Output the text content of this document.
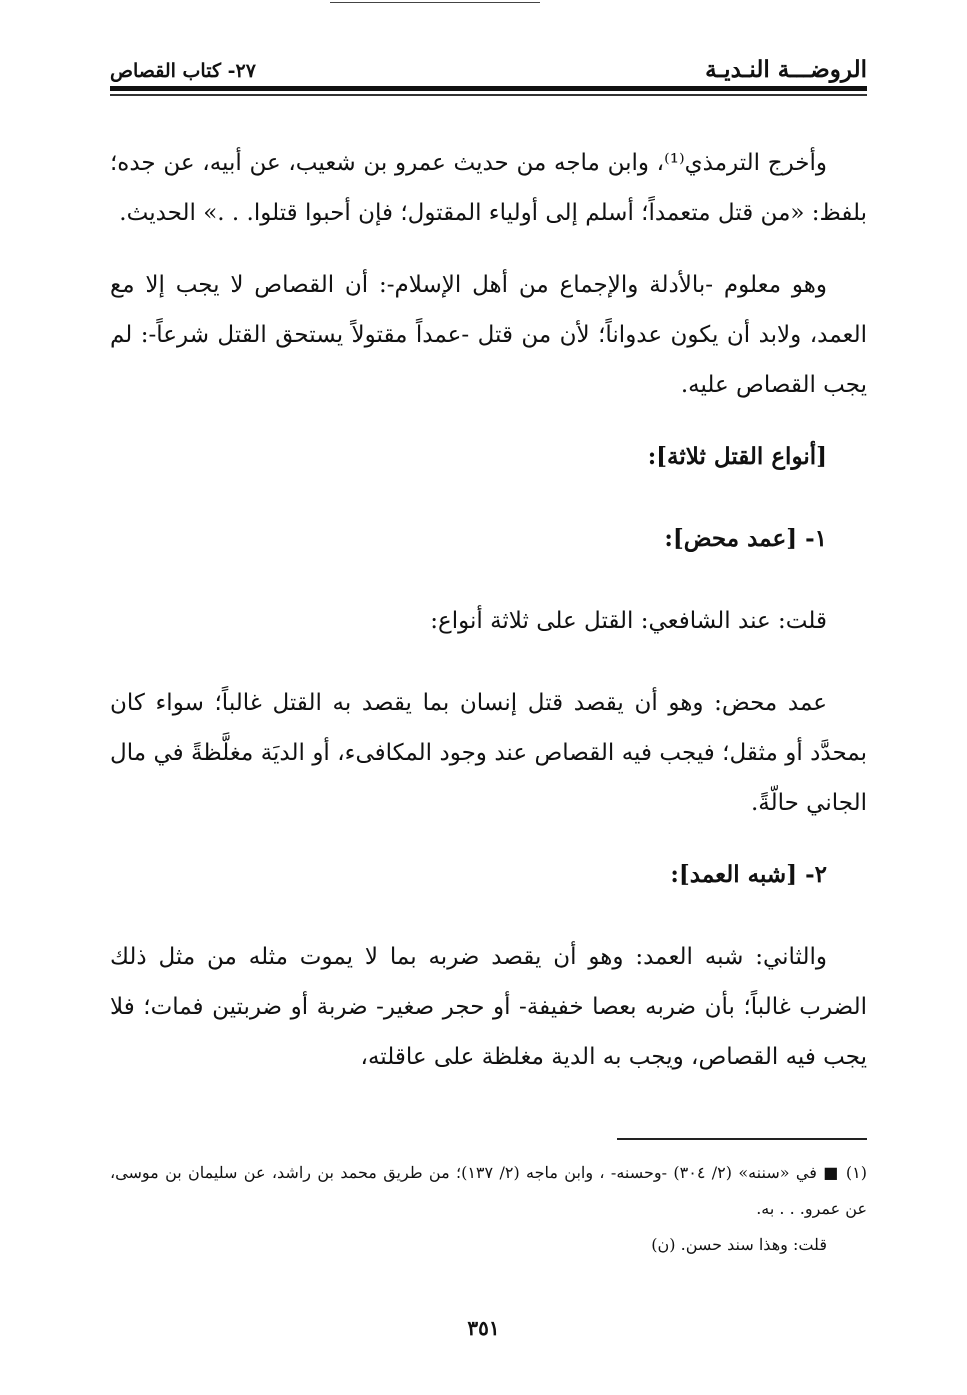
الروضـــة النـديـة
٢٧- كتاب القصاص

وأخرج الترمذي⁽¹⁾، وابن ماجه من حديث عمرو بن شعيب، عن أبيه، عن جده؛ بلفظ: «من قتل متعمداً؛ أسلم إلى أولياء المقتول؛ فإن أحبوا قتلوا. . .» الحديث.

وهو معلوم -بالأدلة والإجماع من أهل الإسلام-: أن القصاص لا يجب إلا مع العمد، ولابد أن يكون عدواناً؛ لأن من قتل -عمداً مقتولاً يستحق القتل شرعاً-: لم يجب القصاص عليه.

[أنواع القتل ثلاثة]:

١- [عمد محض]:

قلت: عند الشافعي: القتل على ثلاثة أنواع:

عمد محض: وهو أن يقصد قتل إنسان بما يقصد به القتل غالباً؛ سواء كان بمحدَّد أو مثقل؛ فيجب فيه القصاص عند وجود المكافىء، أو الديَة مغلَّظةً في مال الجاني حالّةً.

٢- [شبه العمد]:

والثاني: شبه العمد: وهو أن يقصد ضربه بما لا يموت مثله من مثل ذلك الضرب غالباً؛ بأن ضربه بعصا خفيفة- أو حجر صغير- ضربة أو ضربتين فمات؛ فلا يجب فيه القصاص، ويجب به الدية مغلظة على عاقلته،

(١) ■ في «سننه» (٢/ ٣٠٤) -وحسنه- ، وابن ماجه (٢/ ١٣٧)؛ من طريق محمد بن راشد، عن سليمان بن موسى، عن عمرو. . . به.

قلت: وهذا سند حسن. (ن)

٣٥١
